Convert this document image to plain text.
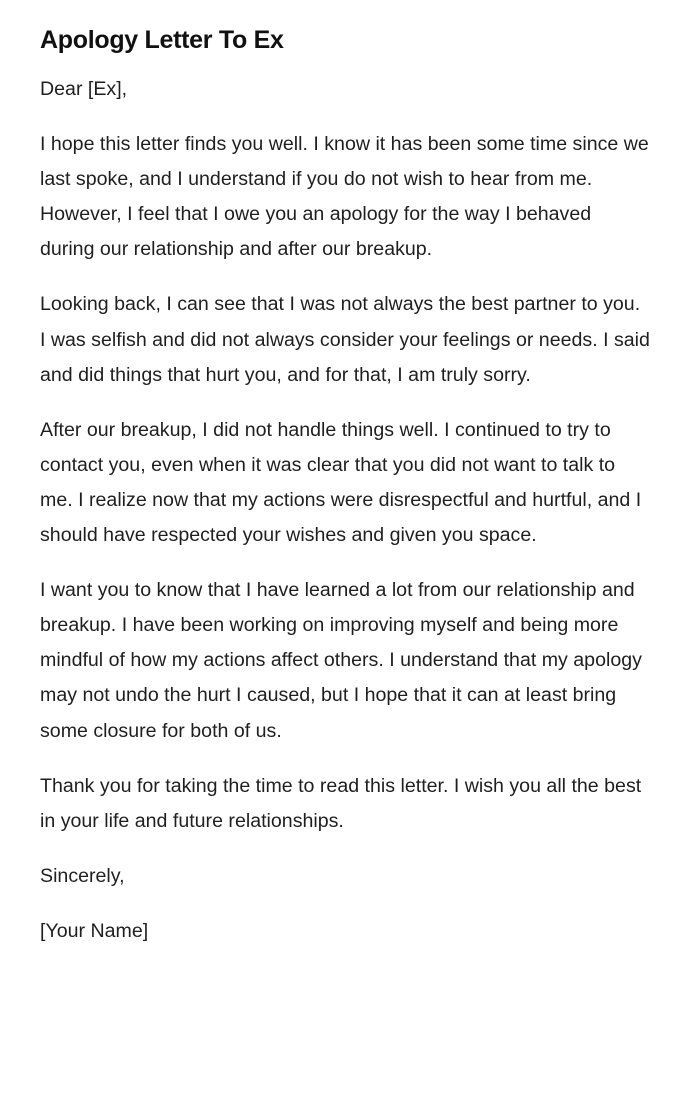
Apology Letter To Ex

Dear [Ex],

I hope this letter finds you well. I know it has been some time since we last spoke, and I understand if you do not wish to hear from me. However, I feel that I owe you an apology for the way I behaved during our relationship and after our breakup.

Looking back, I can see that I was not always the best partner to you. I was selfish and did not always consider your feelings or needs. I said and did things that hurt you, and for that, I am truly sorry.

After our breakup, I did not handle things well. I continued to try to contact you, even when it was clear that you did not want to talk to me. I realize now that my actions were disrespectful and hurtful, and I should have respected your wishes and given you space.

I want you to know that I have learned a lot from our relationship and breakup. I have been working on improving myself and being more mindful of how my actions affect others. I understand that my apology may not undo the hurt I caused, but I hope that it can at least bring some closure for both of us.

Thank you for taking the time to read this letter. I wish you all the best in your life and future relationships.

Sincerely,

[Your Name]
